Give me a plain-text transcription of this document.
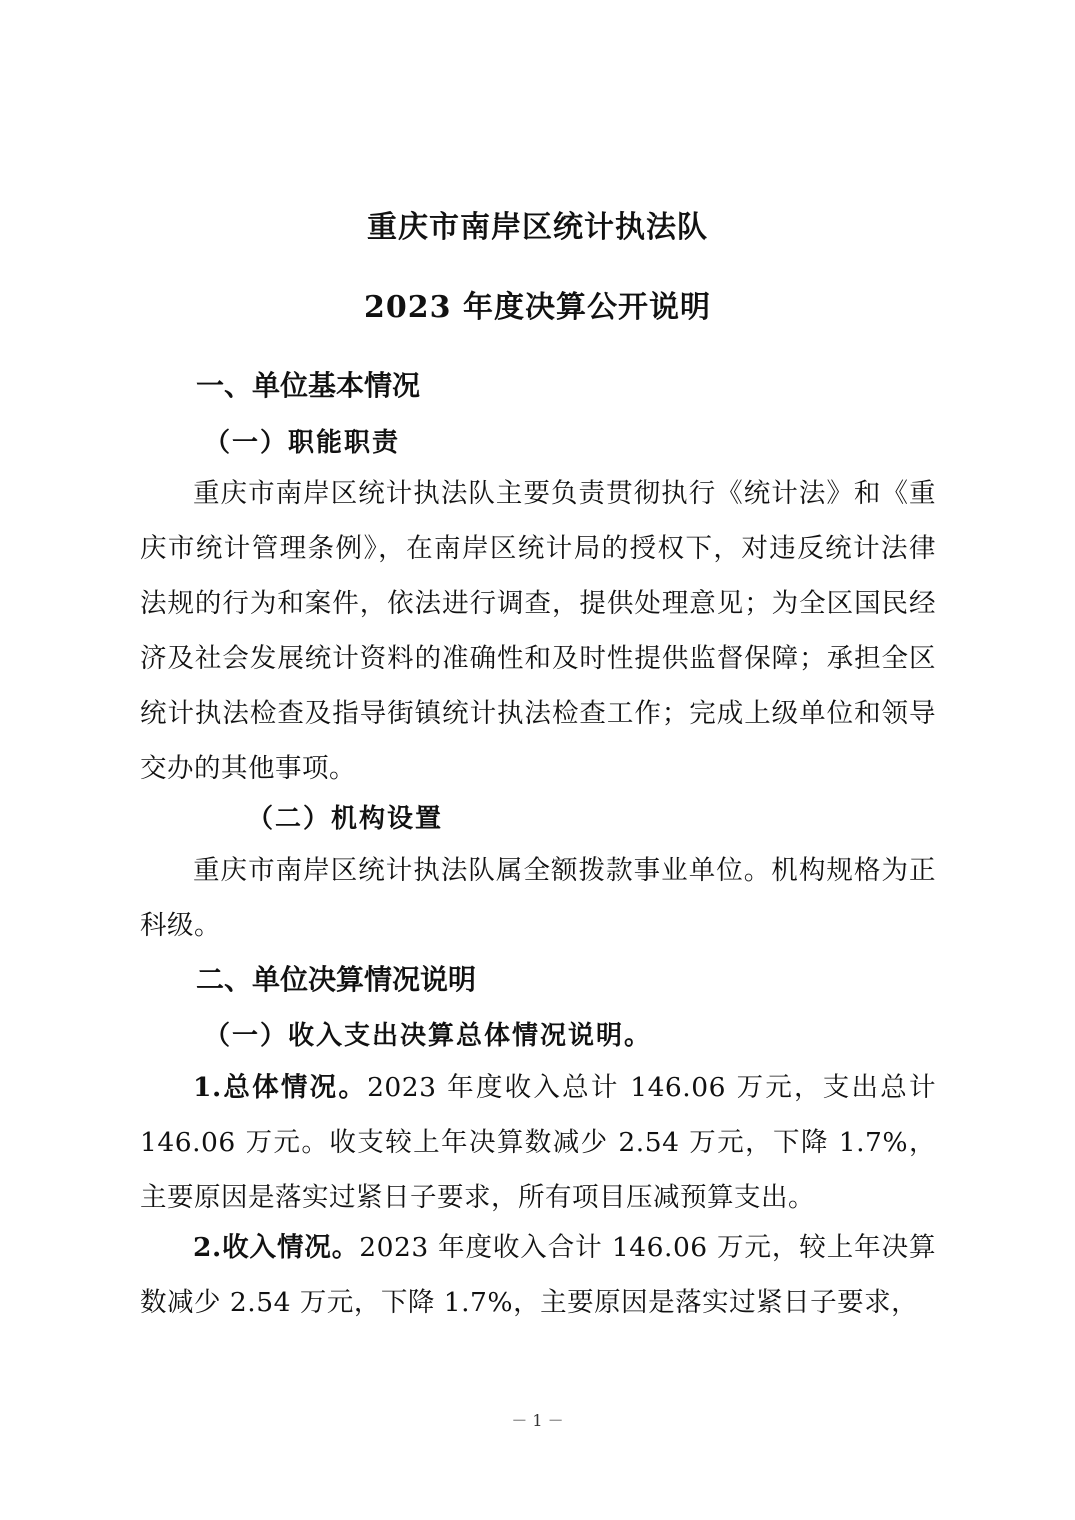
重庆市南岸区统计执法队
2023 年度决算公开说明
一、单位基本情况
（一）职能职责
重庆市南岸区统计执法队主要负责贯彻执行《统计法》和《重庆市统计管理条例》，在南岸区统计局的授权下，对违反统计法律法规的行为和案件，依法进行调查，提供处理意见；为全区国民经济及社会发展统计资料的准确性和及时性提供监督保障；承担全区统计执法检查及指导街镇统计执法检查工作；完成上级单位和领导交办的其他事项。
（二）机构设置
重庆市南岸区统计执法队属全额拨款事业单位。机构规格为正科级。
二、单位决算情况说明
（一）收入支出决算总体情况说明。
1.总体情况。2023 年度收入总计 146.06 万元，支出总计 146.06 万元。收支较上年决算数减少 2.54 万元，下降 1.7%，主要原因是落实过紧日子要求，所有项目压减预算支出。
2.收入情况。2023 年度收入合计 146.06 万元，较上年决算数减少 2.54 万元，下降 1.7%，主要原因是落实过紧日子要求，
－ 1 －
